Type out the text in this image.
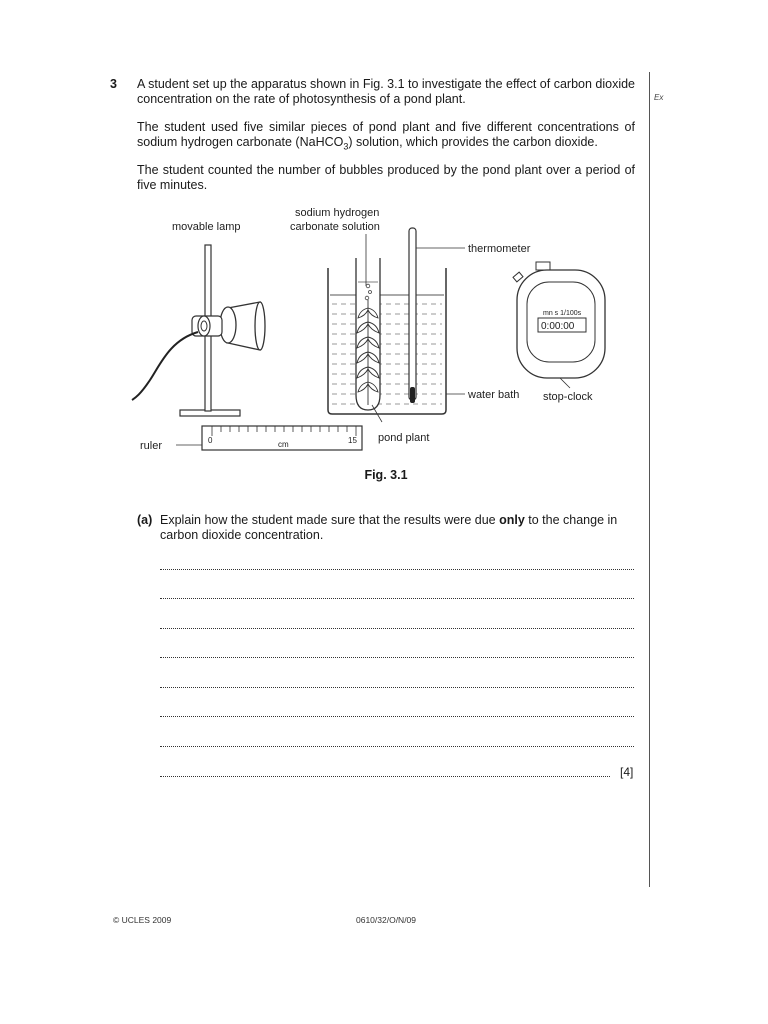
3 A student set up the apparatus shown in Fig. 3.1 to investigate the effect of carbon dioxide concentration on the rate of photosynthesis of a pond plant.
The student used five similar pieces of pond plant and five different concentrations of sodium hydrogen carbonate (NaHCO$_3$) solution, which provides the carbon dioxide.
The student counted the number of bubbles produced by the pond plant over a period of five minutes.
Ex
movable lamp
thermometer
sodium hydrogen
carbonate solution
water bath
mn s 1/100s
0:00:00
stop-clock
0	cm	15
ruler
pond plant
Fig. 3.1
(a) Explain how the student made sure that the results were due only to the change in carbon dioxide concentration.
[4]
© UCLES 2009	0610/32/O/N/09
